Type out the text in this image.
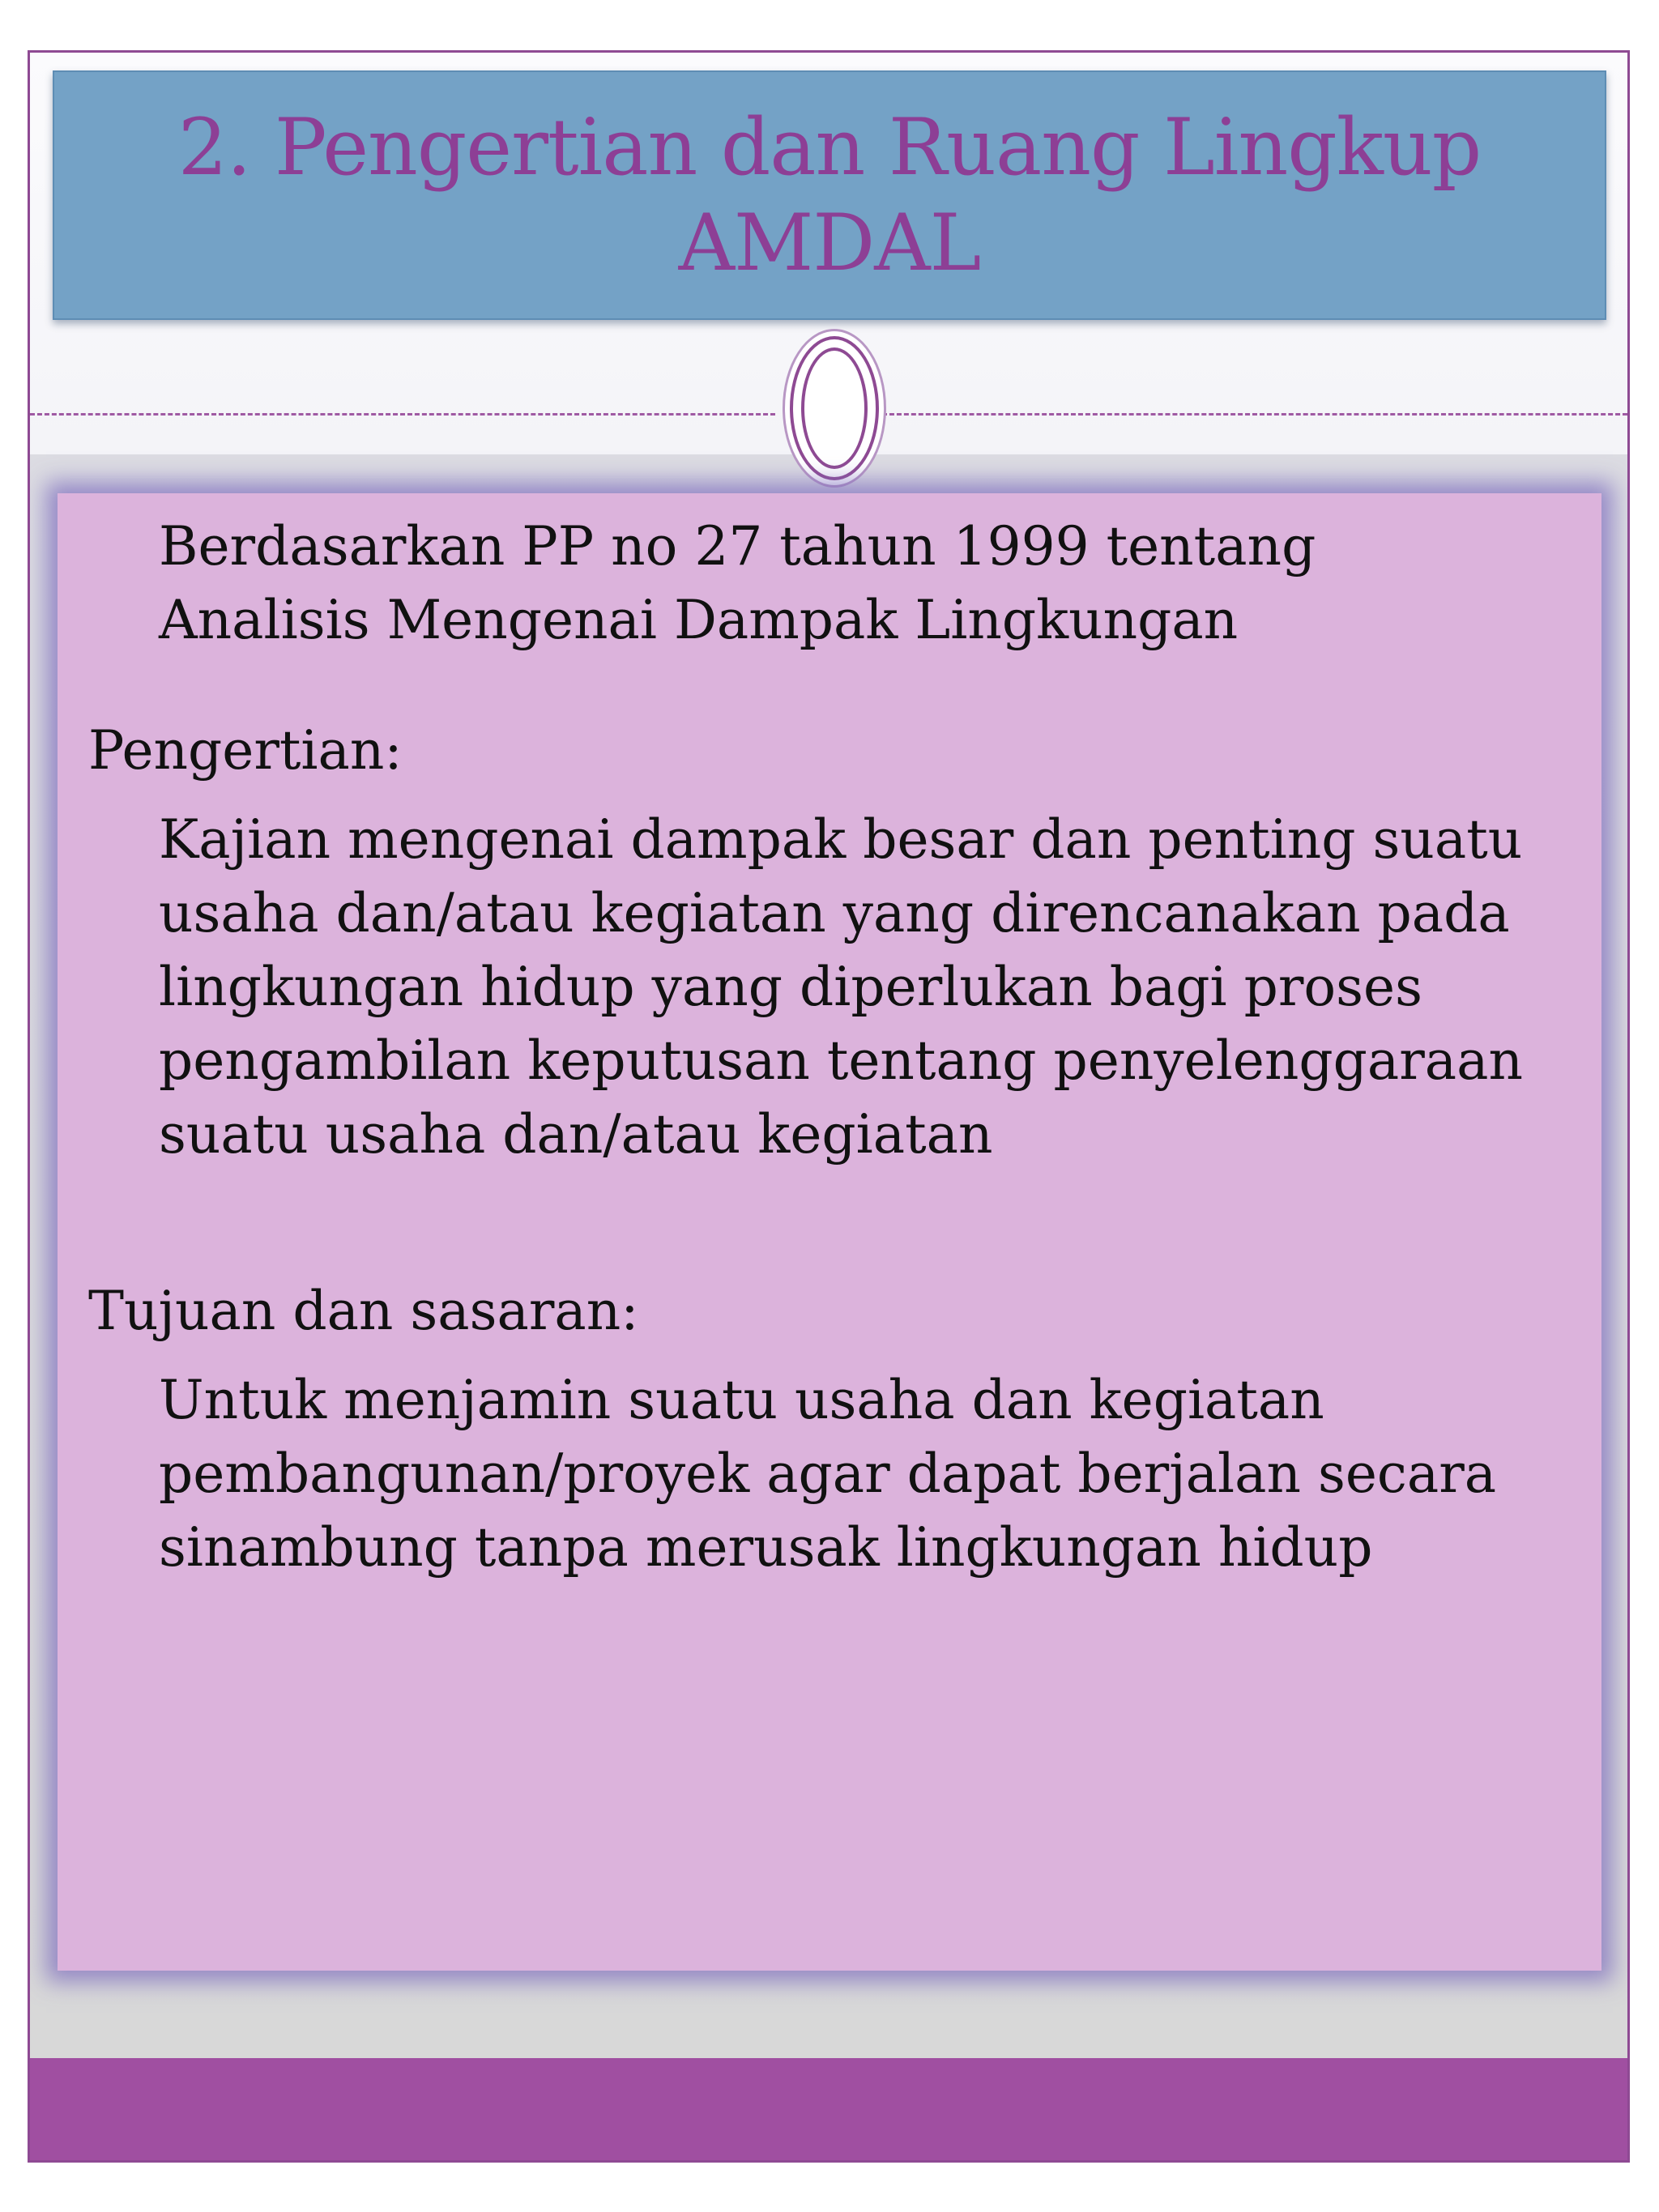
2. Pengertian dan Ruang Lingkup
AMDAL

Berdasarkan PP no 27 tahun 1999 tentang Analisis Mengenai Dampak Lingkungan

Pengertian:

Kajian mengenai dampak besar dan penting suatu usaha dan/atau kegiatan yang direncanakan pada lingkungan hidup yang diperlukan bagi proses pengambilan keputusan tentang penyelenggaraan suatu usaha dan/atau kegiatan

Tujuan dan sasaran:

Untuk menjamin suatu usaha dan kegiatan pembangunan/proyek agar dapat berjalan secara sinambung tanpa merusak lingkungan hidup
